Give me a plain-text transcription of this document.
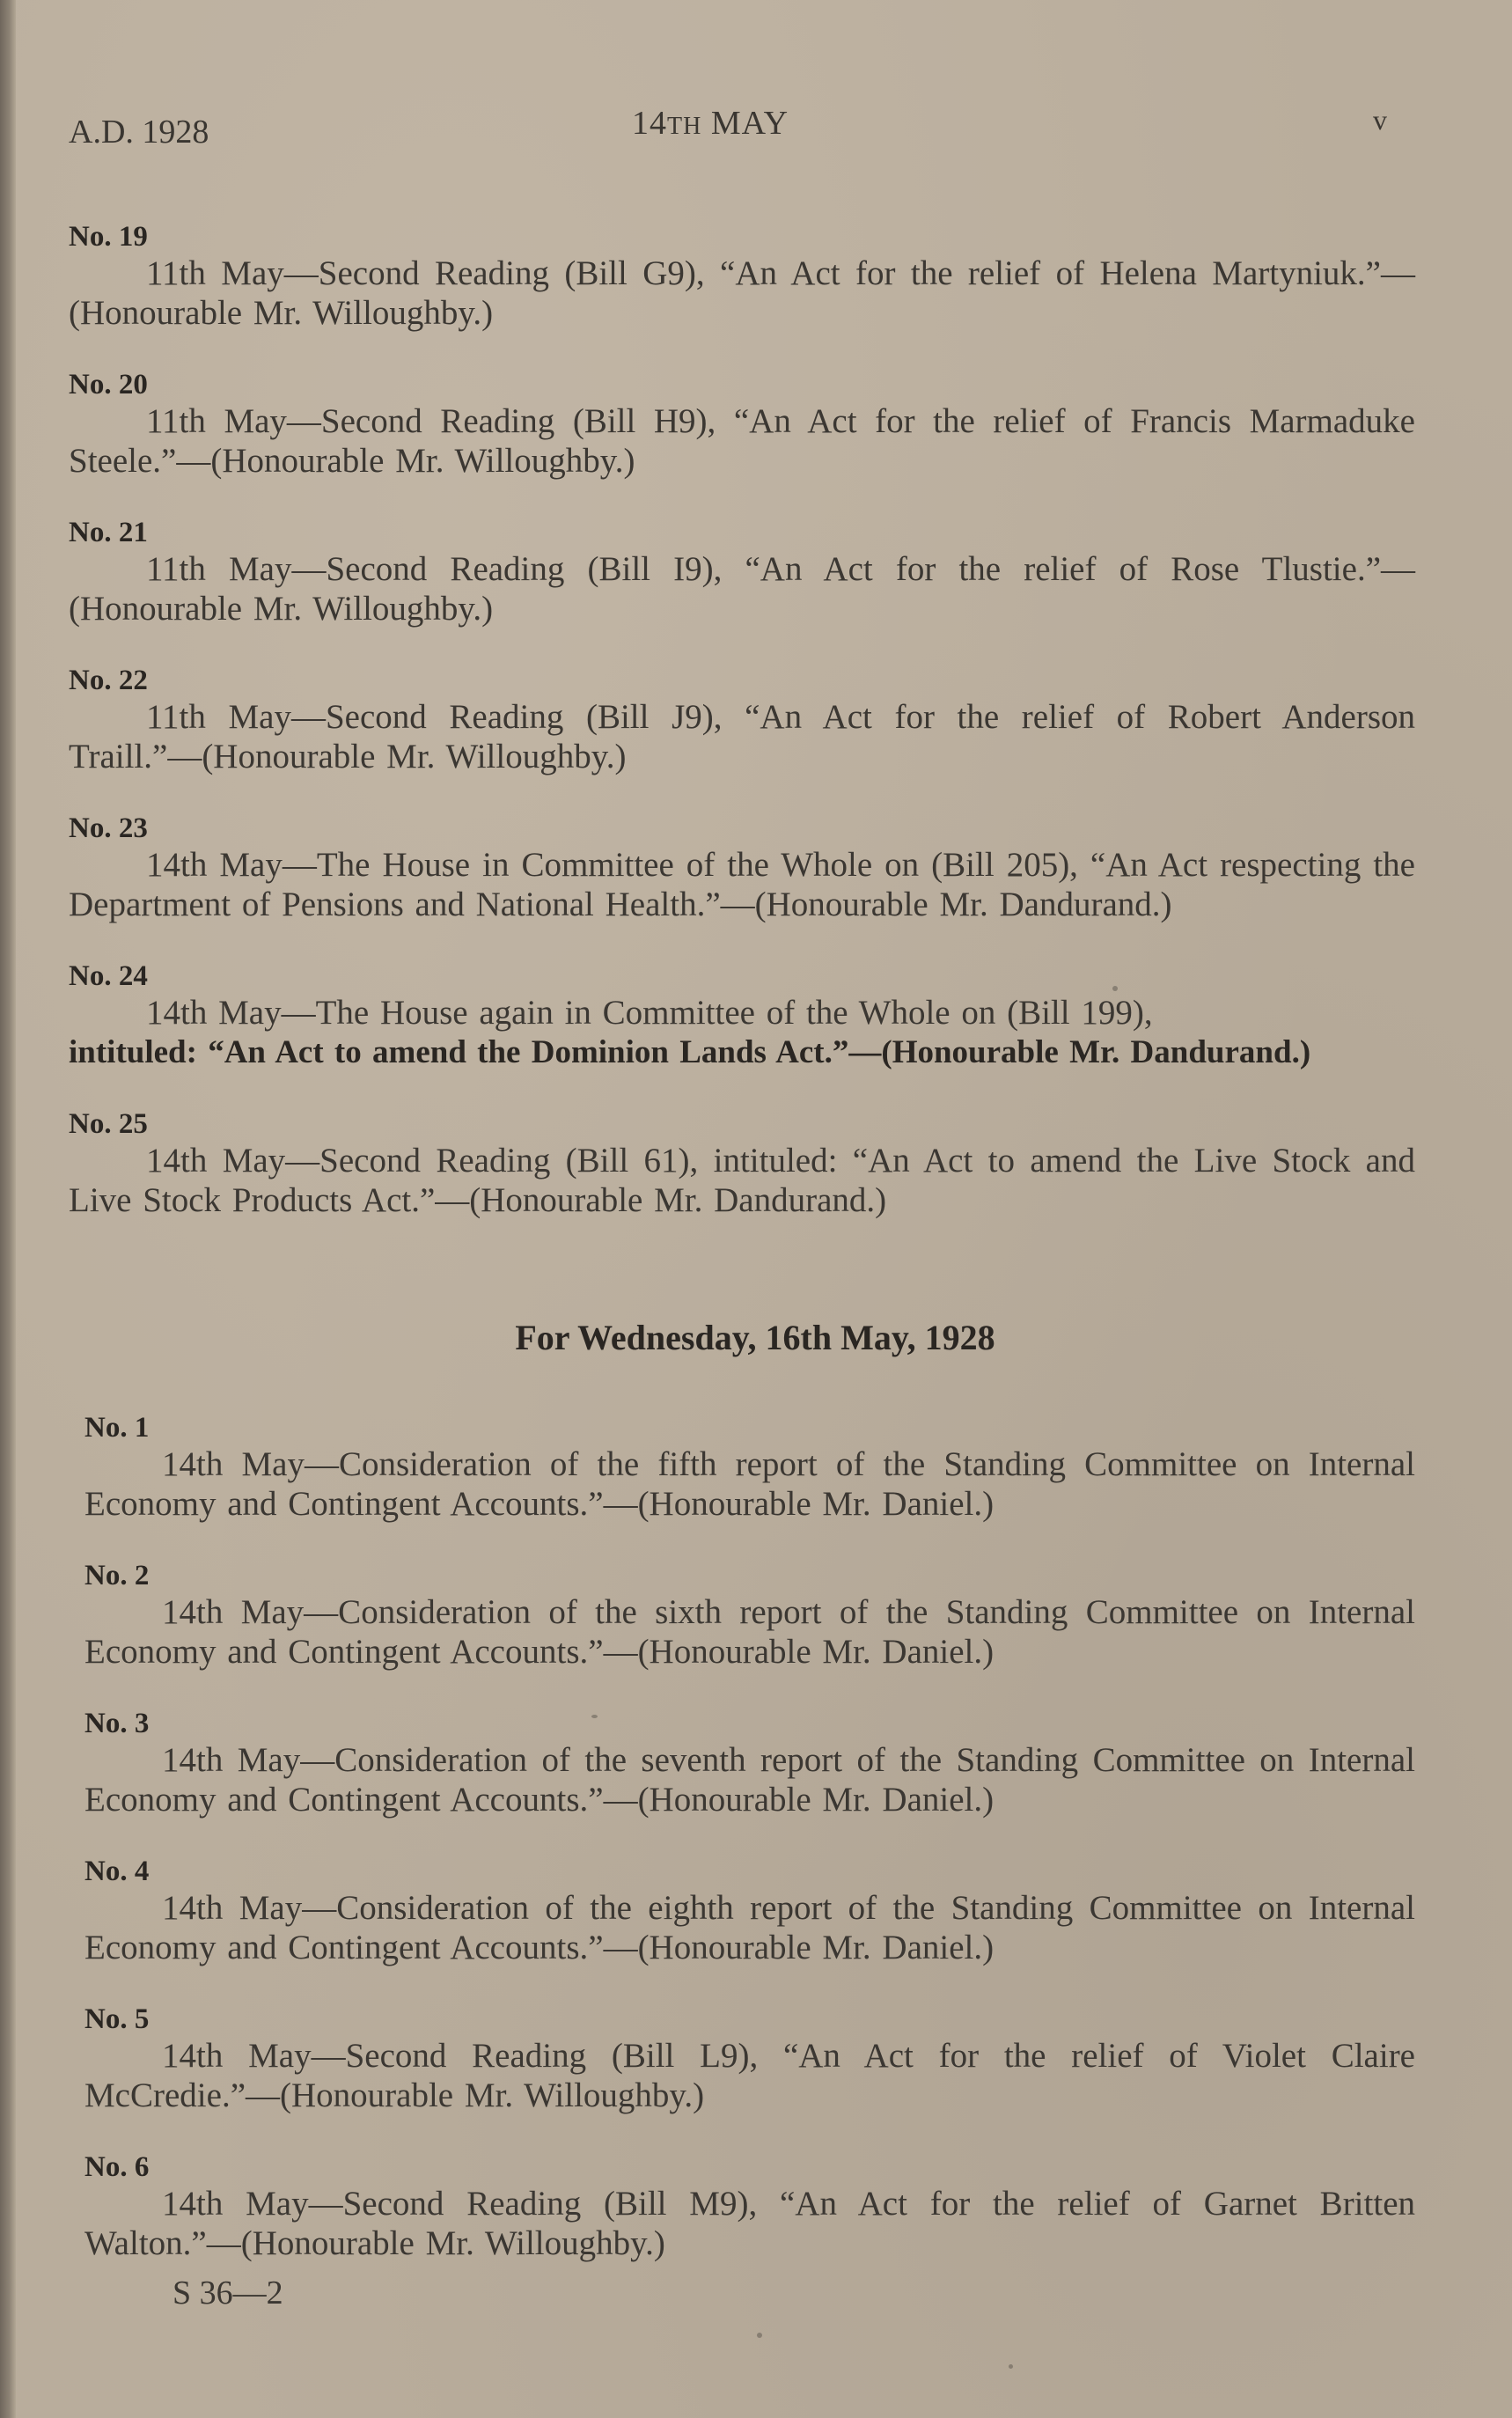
A.D. 1928	14TH MAY	v
No. 19
11th May—Second Reading (Bill G9), “An Act for the relief of Helena Martyniuk.”—(Honourable Mr. Willoughby.)
No. 20
11th May—Second Reading (Bill H9), “An Act for the relief of Francis Marmaduke Steele.”—(Honourable Mr. Willoughby.)
No. 21
11th May—Second Reading (Bill I9), “An Act for the relief of Rose Tlustie.”—(Honourable Mr. Willoughby.)
No. 22
11th May—Second Reading (Bill J9), “An Act for the relief of Robert Anderson Traill.”—(Honourable Mr. Willoughby.)
No. 23
14th May—The House in Committee of the Whole on (Bill 205), “An Act respecting the Department of Pensions and National Health.”—(Honourable Mr. Dandurand.)
No. 24
14th May—The House again in Committee of the Whole on (Bill 199),
intituled: “An Act to amend the Dominion Lands Act.”—(Honourable Mr. Dandurand.)
No. 25
14th May—Second Reading (Bill 61), intituled: “An Act to amend the Live Stock and Live Stock Products Act.”—(Honourable Mr. Dandurand.)
For Wednesday, 16th May, 1928
No. 1
14th May—Consideration of the fifth report of the Standing Committee on Internal Economy and Contingent Accounts.”—(Honourable Mr. Daniel.)
No. 2
14th May—Consideration of the sixth report of the Standing Committee on Internal Economy and Contingent Accounts.”—(Honourable Mr. Daniel.)
No. 3
14th May—Consideration of the seventh report of the Standing Committee on Internal Economy and Contingent Accounts.”—(Honourable Mr. Daniel.)
No. 4
14th May—Consideration of the eighth report of the Standing Committee on Internal Economy and Contingent Accounts.”—(Honourable Mr. Daniel.)
No. 5
14th May—Second Reading (Bill L9), “An Act for the relief of Violet Claire McCredie.”—(Honourable Mr. Willoughby.)
No. 6
14th May—Second Reading (Bill M9), “An Act for the relief of Garnet Britten Walton.”—(Honourable Mr. Willoughby.)
S 36—2
